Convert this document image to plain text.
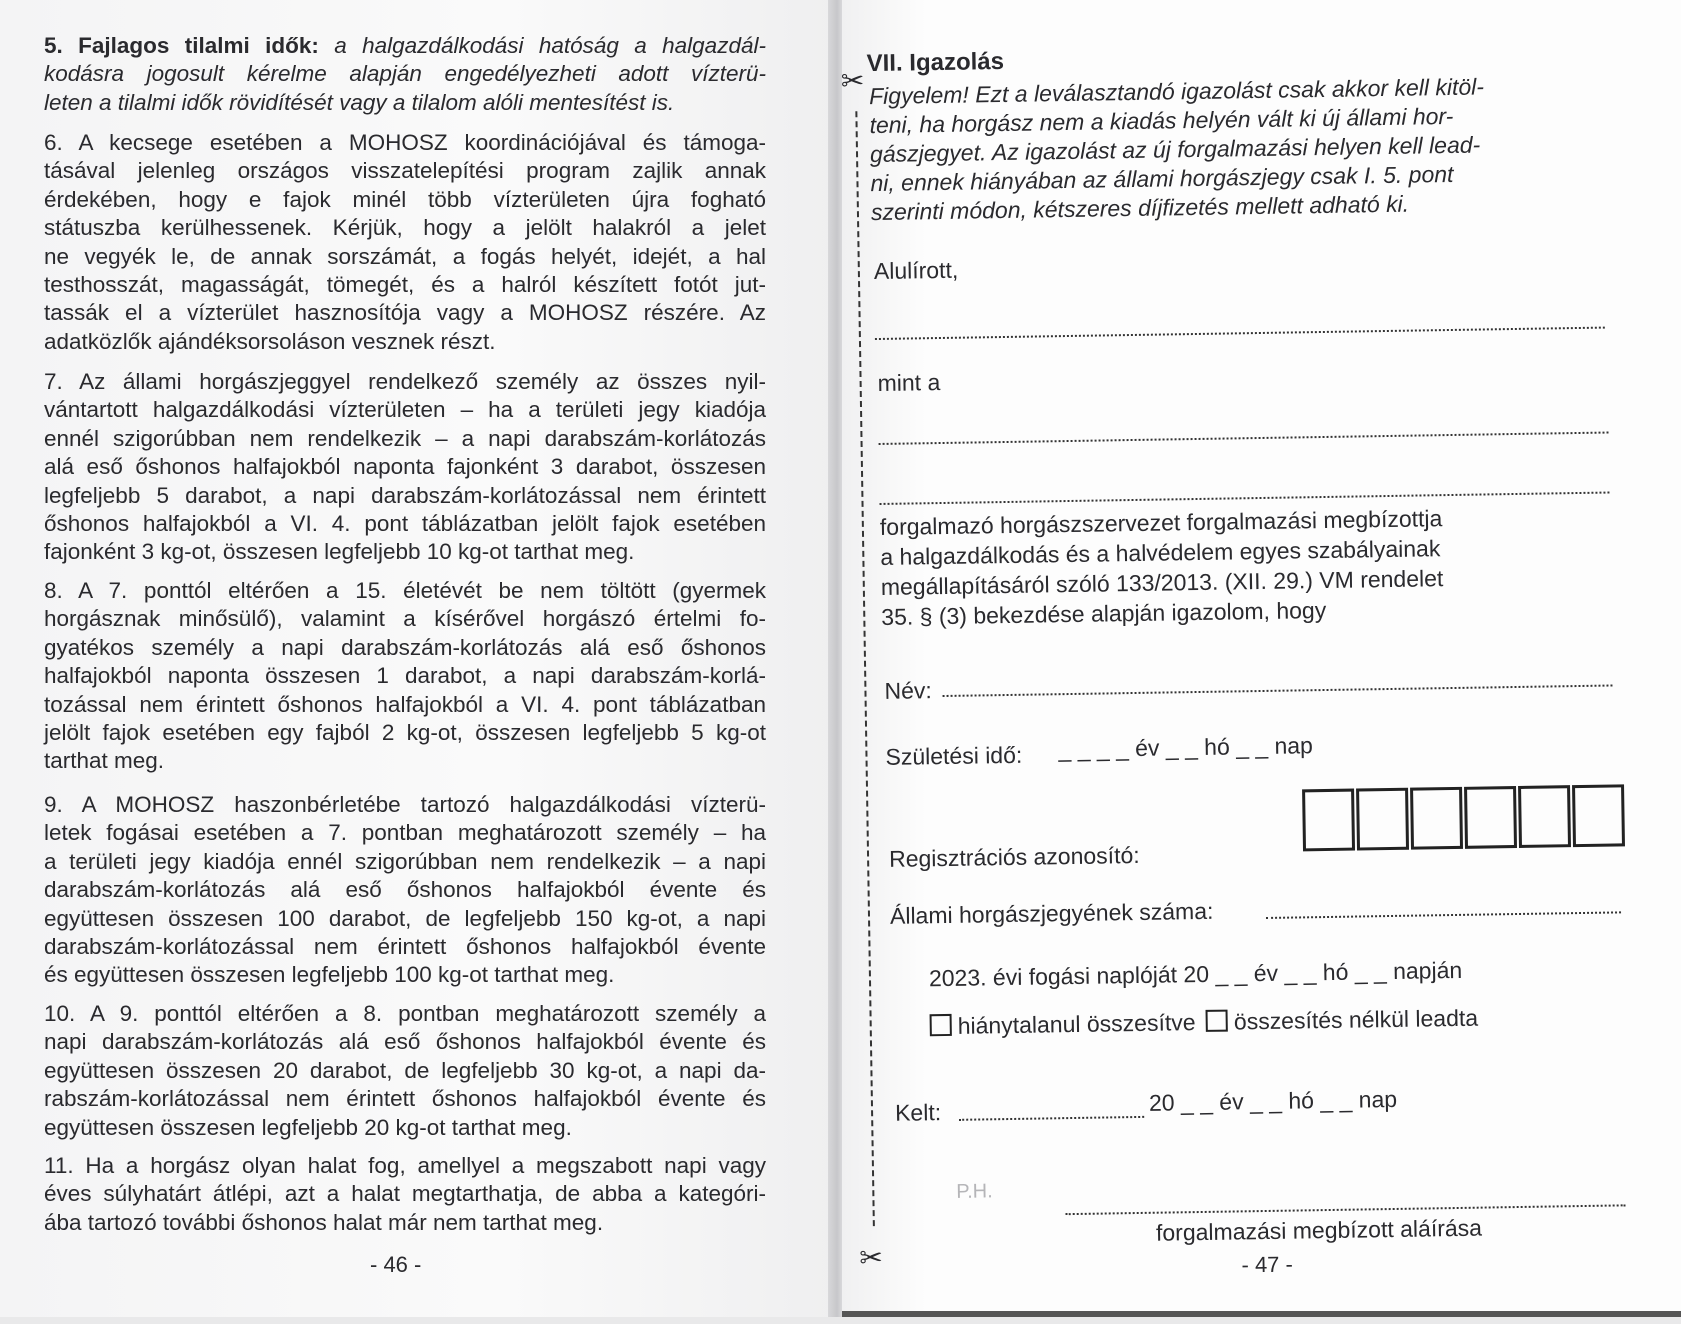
5. Fajlagos tilalmi idők: a halgazdálkodási hatóság a halgazdál-
kodásra jogosult kérelme alapján engedélyezheti adott vízterü-
leten a tilalmi idők rövidítését vagy a tilalom alóli mentesítést is.
6. A kecsege esetében a MOHOSZ koordinációjával és támoga-
tásával jelenleg országos visszatelepítési program zajlik annak
érdekében, hogy e fajok minél több vízterületen újra fogható
státuszba kerülhessenek. Kérjük, hogy a jelölt halakról a jelet
ne vegyék le, de annak sorszámát, a fogás helyét, idejét, a hal
testhosszát, magasságát, tömegét, és a halról készített fotót jut-
tassák el a vízterület hasznosítója vagy a MOHOSZ részére. Az
adatközlők ajándéksorsoláson vesznek részt.
7. Az állami horgászjeggyel rendelkező személy az összes nyil-
vántartott halgazdálkodási vízterületen – ha a területi jegy kiadója
ennél szigorúbban nem rendelkezik – a napi darabszám-korlátozás
alá eső őshonos halfajokból naponta fajonként 3 darabot, összesen
legfeljebb 5 darabot, a napi darabszám-korlátozással nem érintett
őshonos halfajokból a VI. 4. pont táblázatban jelölt fajok esetében
fajonként 3 kg-ot, összesen legfeljebb 10 kg-ot tarthat meg.
8. A 7. ponttól eltérően a 15. életévét be nem töltött (gyermek
horgásznak minősülő), valamint a kísérővel horgászó értelmi fo-
gyatékos személy a napi darabszám-korlátozás alá eső őshonos
halfajokból naponta összesen 1 darabot, a napi darabszám-korlá-
tozással nem érintett őshonos halfajokból a VI. 4. pont táblázatban
jelölt fajok esetében egy fajból 2 kg-ot, összesen legfeljebb 5 kg-ot
tarthat meg.
9. A MOHOSZ haszonbérletébe tartozó halgazdálkodási vízterü-
letek fogásai esetében a 7. pontban meghatározott személy – ha
a területi jegy kiadója ennél szigorúbban nem rendelkezik – a napi
darabszám-korlátozás alá eső őshonos halfajokból évente és
együttesen összesen 100 darabot, de legfeljebb 150 kg-ot, a napi
darabszám-korlátozással nem érintett őshonos halfajokból évente
és együttesen összesen legfeljebb 100 kg-ot tarthat meg.
10. A 9. ponttól eltérően a 8. pontban meghatározott személy a
napi darabszám-korlátozás alá eső őshonos halfajokból évente és
együttesen összesen 20 darabot, de legfeljebb 30 kg-ot, a napi da-
rabszám-korlátozással nem érintett őshonos halfajokból évente és
együttesen összesen legfeljebb 20 kg-ot tarthat meg.
11. Ha a horgász olyan halat fog, amellyel a megszabott napi vagy
éves súlyhatárt átlépi, azt a halat megtarthatja, de abba a kategóri-
ába tartozó további őshonos halat már nem tarthat meg.
- 46 -
✂
✂
VII. Igazolás
Figyelem! Ezt a leválasztandó igazolást csak akkor kell kitöl-
teni, ha horgász nem a kiadás helyén vált ki új állami hor-
gászjegyet. Az igazolást az új forgalmazási helyen kell lead-
ni, ennek hiányában az állami horgászjegy csak I. 5. pont
szerinti módon, kétszeres díjfizetés mellett adható ki.
Alulírott,
mint a
forgalmazó horgászszervezet forgalmazási megbízottja
a halgazdálkodás és a halvédelem egyes szabályainak
megállapításáról szóló 133/2013. (XII. 29.) VM rendelet
35. § (3) bekezdése alapján igazolom, hogy
Név:
Születési idő: _ _ _ _ év _ _ hó _ _ nap
Regisztrációs azonosító:
Állami horgászjegyének száma:
2023. évi fogási naplóját 20 _ _ év _ _ hó _ _ napján
hiánytalanul összesítve összesítés nélkül leadta
Kelt:	20 _ _ év _ _ hó _ _ nap
P.H.
forgalmazási megbízott aláírása
- 47 -
